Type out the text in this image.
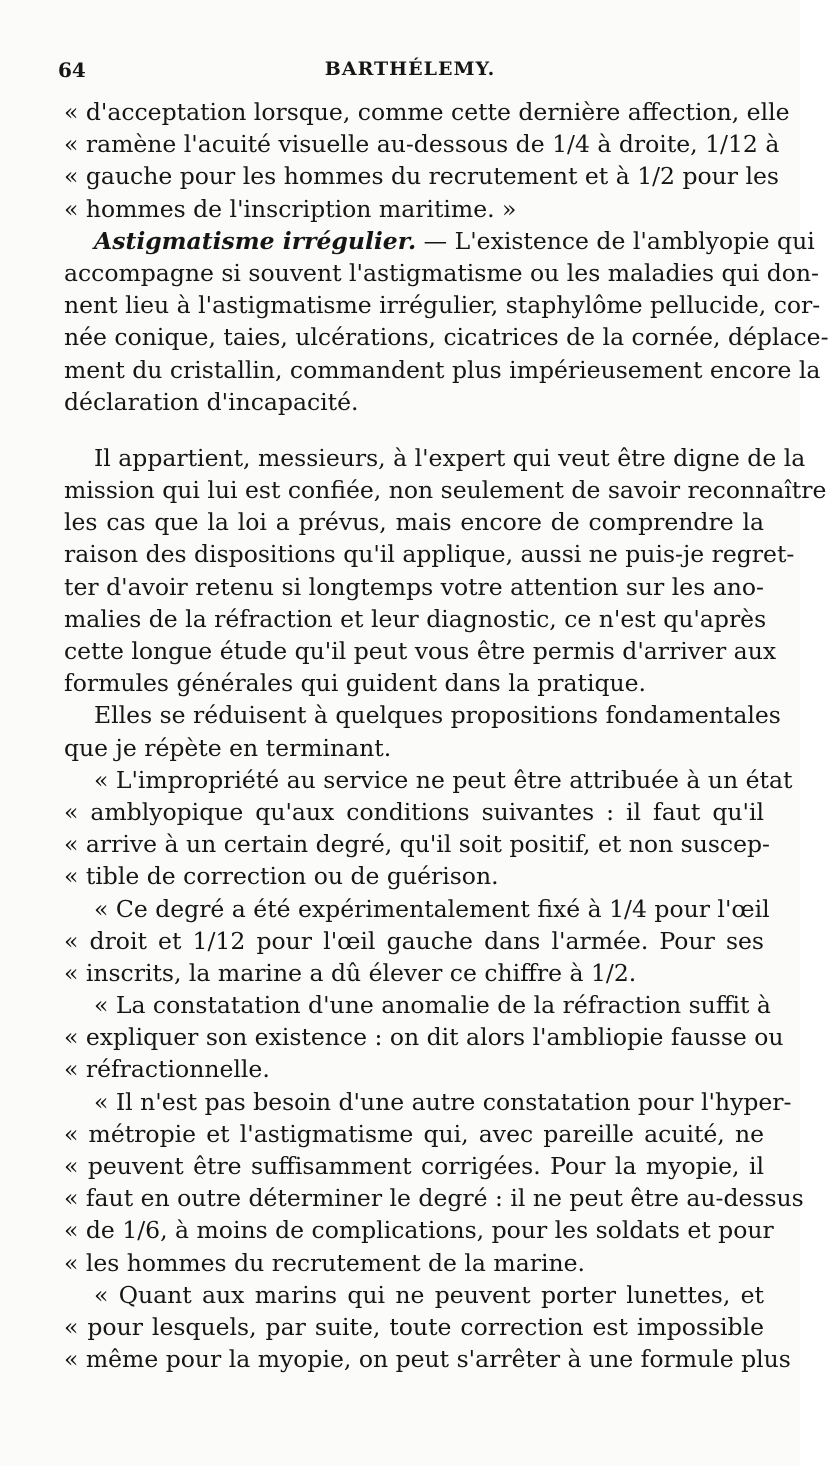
64	BARTHÉLEMY.
« d'acceptation lorsque, comme cette dernière affection, elle
« ramène l'acuité visuelle au-dessous de 1/4 à droite, 1/12 à
« gauche pour les hommes du recrutement et à 1/2 pour les
« hommes de l'inscription maritime. »
Astigmatisme irrégulier. — L'existence de l'amblyopie qui
accompagne si souvent l'astigmatisme ou les maladies qui don-
nent lieu à l'astigmatisme irrégulier, staphylôme pellucide, cor-
née conique, taies, ulcérations, cicatrices de la cornée, déplace-
ment du cristallin, commandent plus impérieusement encore la
déclaration d'incapacité.
Il appartient, messieurs, à l'expert qui veut être digne de la
mission qui lui est confiée, non seulement de savoir reconnaître
les cas que la loi a prévus, mais encore de comprendre la
raison des dispositions qu'il applique, aussi ne puis-je regret-
ter d'avoir retenu si longtemps votre attention sur les ano-
malies de la réfraction et leur diagnostic, ce n'est qu'après
cette longue étude qu'il peut vous être permis d'arriver aux
formules générales qui guident dans la pratique.
Elles se réduisent à quelques propositions fondamentales
que je répète en terminant.
« L'impropriété au service ne peut être attribuée à un état
« amblyopique qu'aux conditions suivantes : il faut qu'il
« arrive à un certain degré, qu'il soit positif, et non suscep-
« tible de correction ou de guérison.
« Ce degré a été expérimentalement fixé à 1/4 pour l'œil
« droit et 1/12 pour l'œil gauche dans l'armée. Pour ses
« inscrits, la marine a dû élever ce chiffre à 1/2.
« La constatation d'une anomalie de la réfraction suffit à
« expliquer son existence : on dit alors l'ambliopie fausse ou
« réfractionnelle.
« Il n'est pas besoin d'une autre constatation pour l'hyper-
« métropie et l'astigmatisme qui, avec pareille acuité, ne
« peuvent être suffisamment corrigées. Pour la myopie, il
« faut en outre déterminer le degré : il ne peut être au-dessus
« de 1/6, à moins de complications, pour les soldats et pour
« les hommes du recrutement de la marine.
« Quant aux marins qui ne peuvent porter lunettes, et
« pour lesquels, par suite, toute correction est impossible
« même pour la myopie, on peut s'arrêter à une formule plus
